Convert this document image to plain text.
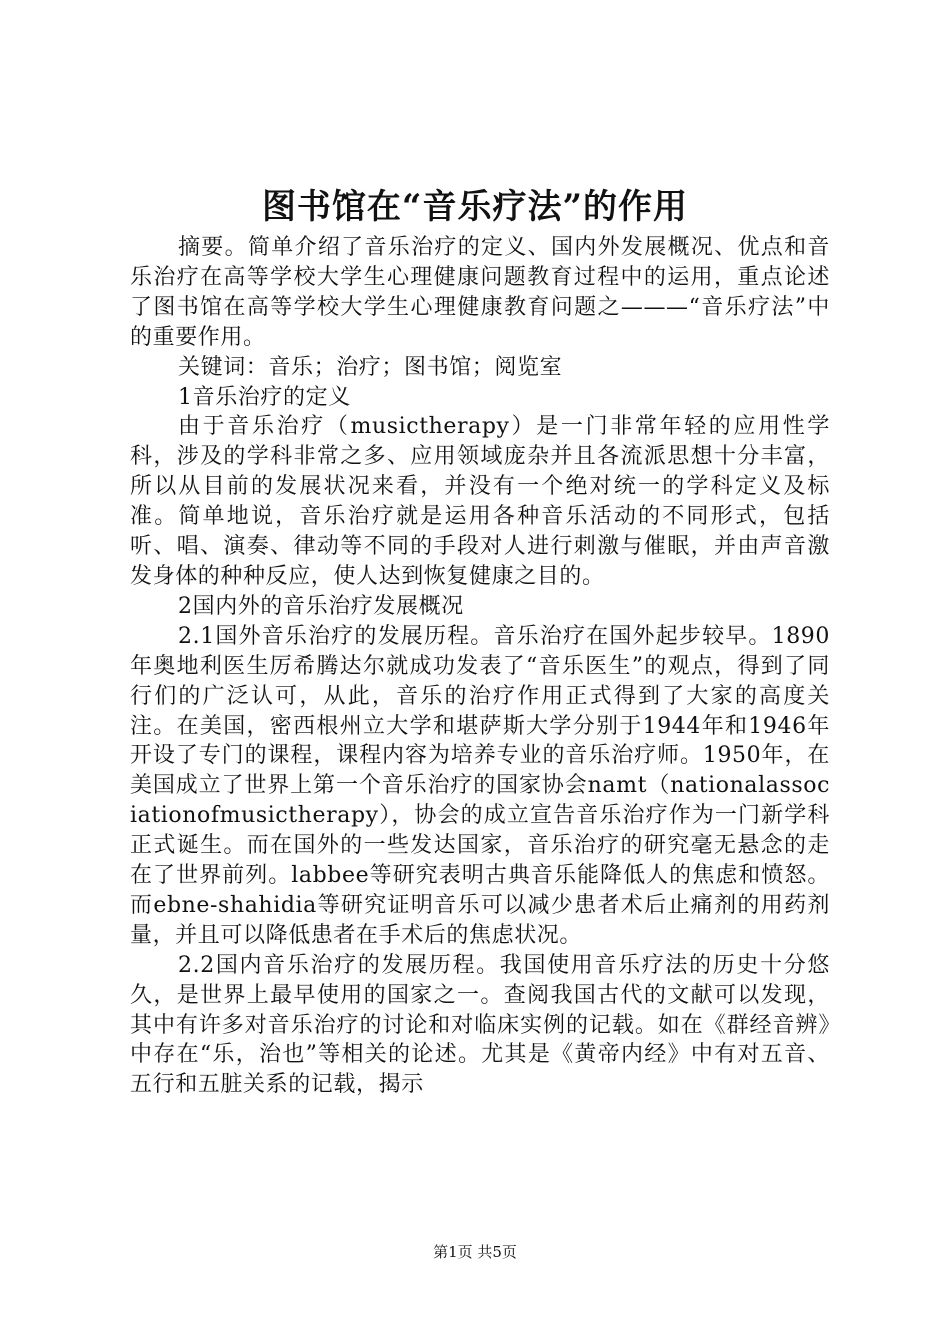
图书馆在“音乐疗法”的作用

摘要。简单介绍了音乐治疗的定义、国内外发展概况、优点和音乐治疗在高等学校大学生心理健康问题教育过程中的运用，重点论述了图书馆在高等学校大学生心理健康教育问题之———“音乐疗法”中的重要作用。

关键词：音乐；治疗；图书馆；阅览室

1音乐治疗的定义

由于音乐治疗（musictherapy）是一门非常年轻的应用性学科，涉及的学科非常之多、应用领域庞杂并且各流派思想十分丰富，所以从目前的发展状况来看，并没有一个绝对统一的学科定义及标准。简单地说，音乐治疗就是运用各种音乐活动的不同形式，包括听、唱、演奏、律动等不同的手段对人进行刺激与催眠，并由声音激发身体的种种反应，使人达到恢复健康之目的。

2国内外的音乐治疗发展概况

2.1国外音乐治疗的发展历程。音乐治疗在国外起步较早。1890年奥地利医生厉希腾达尔就成功发表了“音乐医生”的观点，得到了同行们的广泛认可，从此，音乐的治疗作用正式得到了大家的高度关注。在美国，密西根州立大学和堪萨斯大学分别于1944年和1946年开设了专门的课程，课程内容为培养专业的音乐治疗师。1950年，在美国成立了世界上第一个音乐治疗的国家协会namt（nationalassociationofmusictherapy），协会的成立宣告音乐治疗作为一门新学科正式诞生。而在国外的一些发达国家，音乐治疗的研究毫无悬念的走在了世界前列。labbee等研究表明古典音乐能降低人的焦虑和愤怒。而ebne-shahidia等研究证明音乐可以减少患者术后止痛剂的用药剂量，并且可以降低患者在手术后的焦虑状况。

2.2国内音乐治疗的发展历程。我国使用音乐疗法的历史十分悠久，是世界上最早使用的国家之一。查阅我国古代的文献可以发现，其中有许多对音乐治疗的讨论和对临床实例的记载。如在《群经音辨》中存在“乐，治也”等相关的论述。尤其是《黄帝内经》中有对五音、五行和五脏关系的记载，揭示

第1页 共5页
